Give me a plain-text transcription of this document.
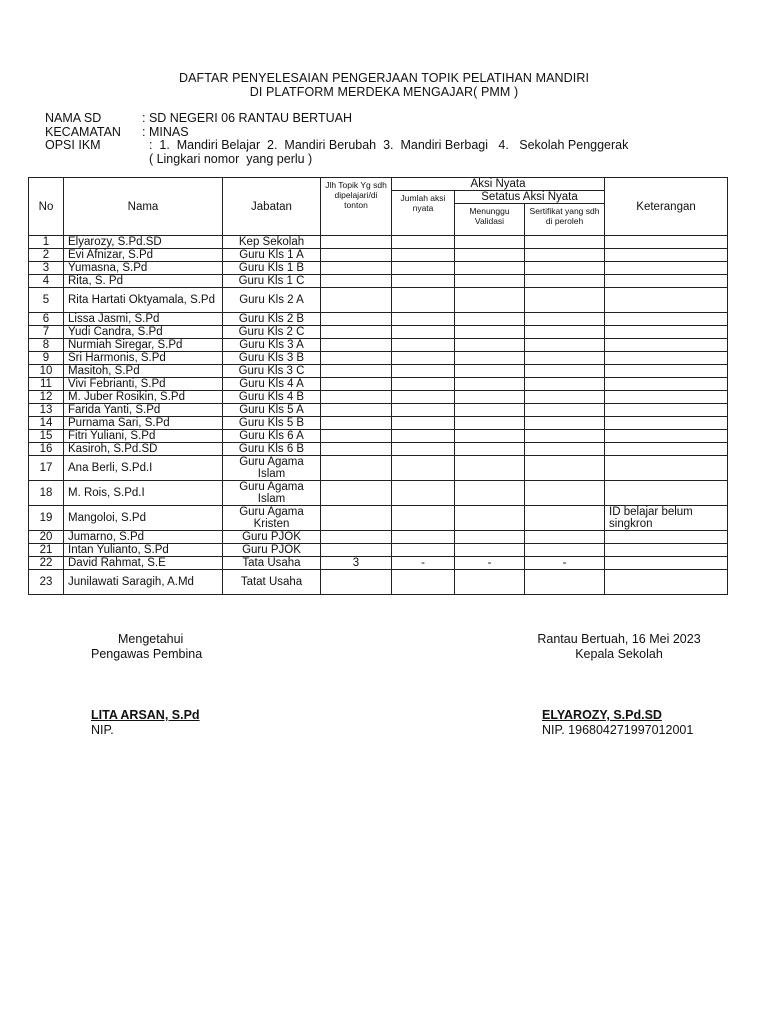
DAFTAR PENYELESAIAN PENGERJAAN TOPIK PELATIHAN MANDIRI
DI PLATFORM MERDEKA MENGAJAR( PMM )
NAMA SD	: SD NEGERI 06 RANTAU BERTUAH
KECAMATAN	: MINAS
OPSI IKM	:  1.  Mandiri Belajar  2.  Mandiri Berubah  3.  Mandiri Berbagi   4.   Sekolah Penggerak
( Lingkari nomor  yang perlu )
No	Nama	Jabatan	Jlh Topik Yg sdh dipelajari/di tonton	Aksi Nyata			Keterangan
				Jumlah aksi nyata	Setatus Aksi Nyata		
					Menunggu Validasi	Sertifikat yang sdh di peroleh	
1	Elyarozy, S.Pd.SD	Kep Sekolah					
2	Evi Afnizar, S.Pd	Guru Kls 1 A					
3	Yumasna, S.Pd	Guru Kls 1 B					
4	Rita, S. Pd	Guru Kls 1 C					
5	Rita Hartati Oktyamala, S.Pd	Guru Kls 2 A					
6	Lissa Jasmi, S.Pd	Guru Kls 2 B					
7	Yudi Candra, S.Pd	Guru Kls 2 C					
8	Nurmiah Siregar, S.Pd	Guru Kls 3 A					
9	Sri Harmonis, S.Pd	Guru Kls 3 B					
10	Masitoh, S.Pd	Guru Kls 3 C					
11	Vivi Febrianti, S.Pd	Guru Kls 4 A					
12	M. Juber Rosikin, S.Pd	Guru Kls 4 B					
13	Farida Yanti, S.Pd	Guru Kls 5 A					
14	Purnama Sari, S.Pd	Guru Kls 5 B					
15	Fitri Yuliani, S.Pd	Guru Kls 6 A					
16	Kasiroh, S.Pd.SD	Guru Kls 6 B					
17	Ana Berli, S.Pd.I	Guru Agama Islam					
18	M. Rois, S.Pd.I	Guru Agama Islam					
19	Mangoloi, S.Pd	Guru Agama Kristen					ID belajar belum singkron
20	Jumarno, S.Pd	Guru PJOK					
21	Intan Yulianto, S.Pd	Guru PJOK					
22	David Rahmat, S.E	Tata Usaha	3	-	-	-	
23	Junilawati Saragih, A.Md	Tatat Usaha					
Mengetahui
Pengawas Pembina
LITA ARSAN, S.Pd
NIP.
Rantau Bertuah, 16 Mei 2023
Kepala Sekolah
ELYAROZY, S.Pd.SD
NIP. 196804271997012001
